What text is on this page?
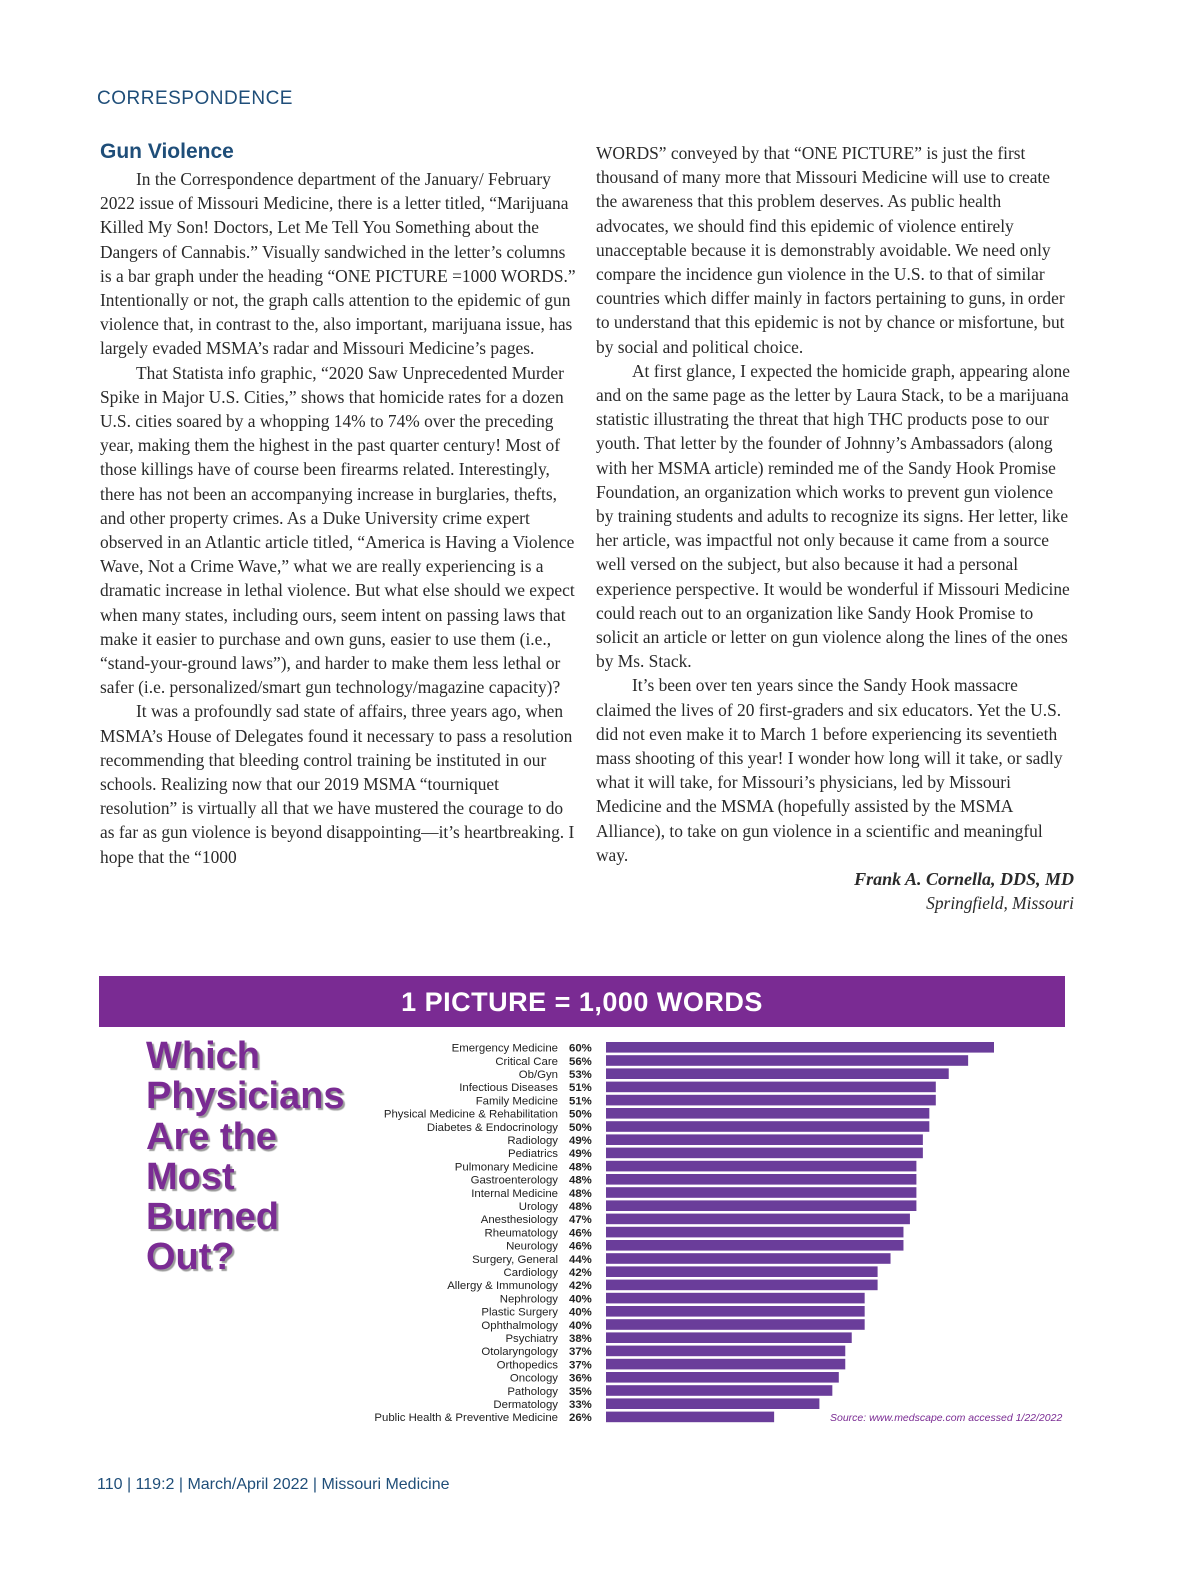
CORRESPONDENCE
Gun Violence

In the Correspondence department of the January/ February 2022 issue of Missouri Medicine, there is a letter titled, “Marijuana Killed My Son! Doctors, Let Me Tell You Something about the Dangers of Cannabis.” Visually sandwiched in the letter’s columns is a bar graph under the heading “ONE PICTURE =1000 WORDS.” Intentionally or not, the graph calls attention to the epidemic of gun violence that, in contrast to the, also important, marijuana issue, has largely evaded MSMA’s radar and Missouri Medicine’s pages.

That Statista info graphic, “2020 Saw Unprecedented Murder Spike in Major U.S. Cities,” shows that homicide rates for a dozen U.S. cities soared by a whopping 14% to 74% over the preceding year, making them the highest in the past quarter century! Most of those killings have of course been firearms related. Interestingly, there has not been an accompanying increase in burglaries, thefts, and other property crimes. As a Duke University crime expert observed in an Atlantic article titled, “America is Having a Violence Wave, Not a Crime Wave,” what we are really experiencing is a dramatic increase in lethal violence. But what else should we expect when many states, including ours, seem intent on passing laws that make it easier to purchase and own guns, easier to use them (i.e., “stand-your-ground laws”), and harder to make them less lethal or safer (i.e. personalized/smart gun technology/magazine capacity)?

It was a profoundly sad state of affairs, three years ago, when MSMA’s House of Delegates found it necessary to pass a resolution recommending that bleeding control training be instituted in our schools. Realizing now that our 2019 MSMA “tourniquet resolution” is virtually all that we have mustered the courage to do as far as gun violence is beyond disappointing—it’s heartbreaking. I hope that the “1000

WORDS” conveyed by that “ONE PICTURE” is just the first thousand of many more that Missouri Medicine will use to create the awareness that this problem deserves. As public health advocates, we should find this epidemic of violence entirely unacceptable because it is demonstrably avoidable. We need only compare the incidence gun violence in the U.S. to that of similar countries which differ mainly in factors pertaining to guns, in order to understand that this epidemic is not by chance or misfortune, but by social and political choice.

At first glance, I expected the homicide graph, appearing alone and on the same page as the letter by Laura Stack, to be a marijuana statistic illustrating the threat that high THC products pose to our youth. That letter by the founder of Johnny’s Ambassadors (along with her MSMA article) reminded me of the Sandy Hook Promise Foundation, an organization which works to prevent gun violence by training students and adults to recognize its signs. Her letter, like her article, was impactful not only because it came from a source well versed on the subject, but also because it had a personal experience perspective. It would be wonderful if Missouri Medicine could reach out to an organization like Sandy Hook Promise to solicit an article or letter on gun violence along the lines of the ones by Ms. Stack.

It’s been over ten years since the Sandy Hook massacre claimed the lives of 20 first-graders and six educators. Yet the U.S. did not even make it to March 1 before experiencing its seventieth mass shooting of this year! I wonder how long will it take, or sadly what it will take, for Missouri’s physicians, led by Missouri Medicine and the MSMA (hopefully assisted by the MSMA Alliance), to take on gun violence in a scientific and meaningful way.

Frank A. Cornella, DDS, MD

Springfield, Missouri

1 PICTURE = 1,000 WORDS
Which
Physicians
Are the
Most
Burned
Out?
Emergency Medicine 60%
Critical Care 56%
Ob/Gyn 53%
Infectious Diseases 51%
Family Medicine 51%
Physical Medicine & Rehabilitation 50%
Diabetes & Endocrinology 50%
Radiology 49%
Pediatrics 49%
Pulmonary Medicine 48%
Gastroenterology 48%
Internal Medicine 48%
Urology 48%
Anesthesiology 47%
Rheumatology 46%
Neurology 46%
Surgery, General 44%
Cardiology 42%
Allergy & Immunology 42%
Nephrology 40%
Plastic Surgery 40%
Ophthalmology 40%
Psychiatry 38%
Otolaryngology 37%
Orthopedics 37%
Oncology 36%
Pathology 35%
Dermatology 33%
Public Health & Preventive Medicine 26%	Source: www.medscape.com accessed 1/22/2022
110 | 119:2 | March/April 2022 | Missouri Medicine
